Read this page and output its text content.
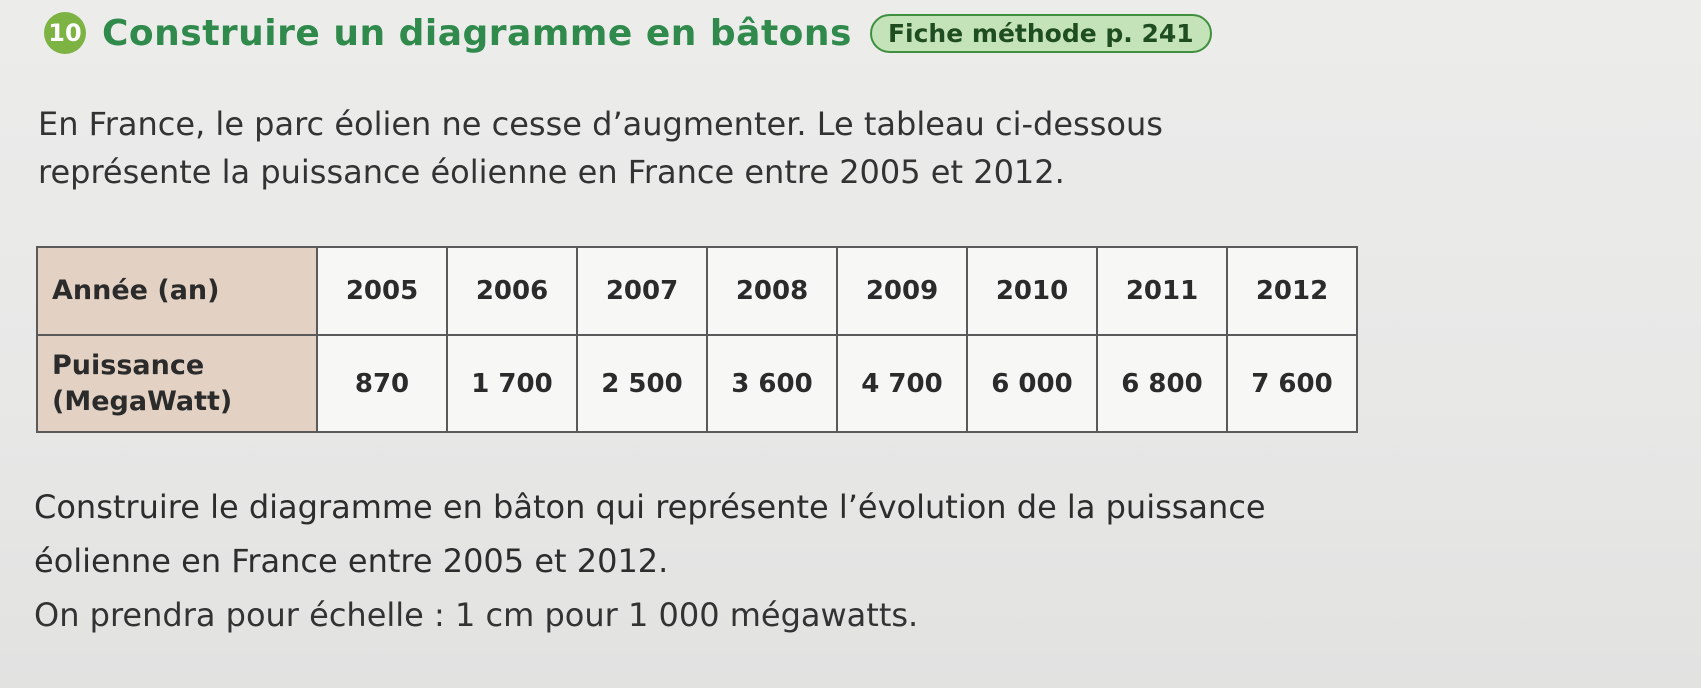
10 Construire un diagramme en bâtons	Fiche méthode p. 241

En France, le parc éolien ne cesse d’augmenter. Le tableau ci-dessous

représente la puissance éolienne en France entre 2005 et 2012.

Année (an)	2005	2006	2007	2008	2009	2010	2011	2012
Puissance
(MegaWatt)	870	1 700	2 500	3 600	4 700	6 000	6 800	7 600

Construire le diagramme en bâton qui représente l’évolution de la puissance

éolienne en France entre 2005 et 2012.

On prendra pour échelle : 1 cm pour 1 000 mégawatts.
